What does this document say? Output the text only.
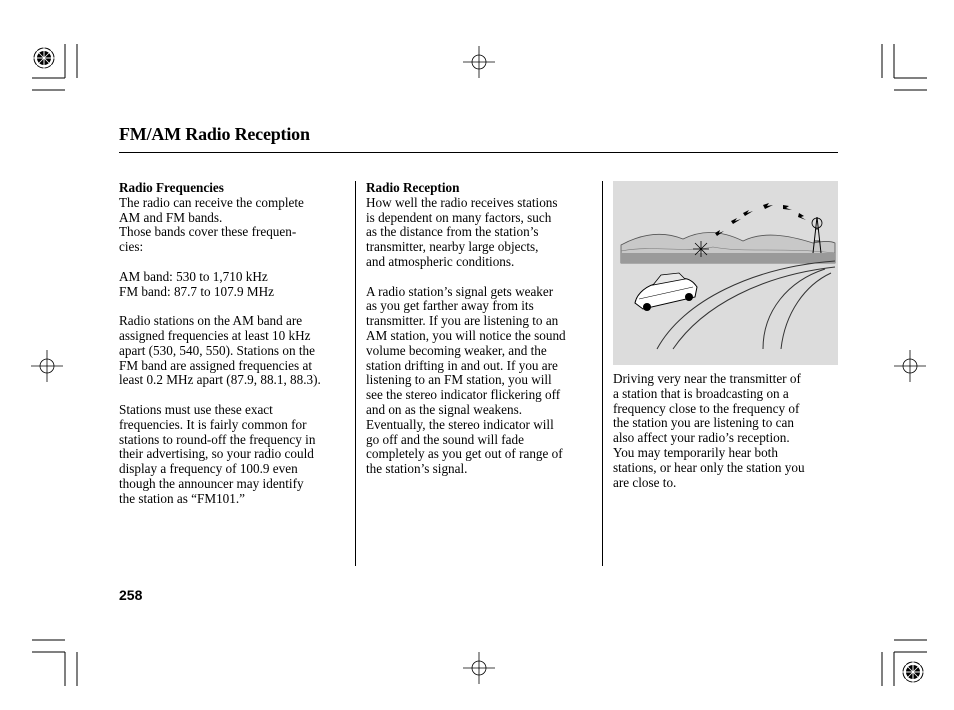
FM/AM Radio Reception
Radio Frequencies

The radio can receive the complete
AM and FM bands.
Those bands cover these frequen-
cies:

AM band: 530 to 1,710 kHz
FM band: 87.7 to 107.9 MHz

Radio stations on the AM band are
assigned frequencies at least 10 kHz
apart (530, 540, 550). Stations on the
FM band are assigned frequencies at
least 0.2 MHz apart (87.9, 88.1, 88.3).

Stations must use these exact
frequencies. It is fairly common for
stations to round-off the frequency in
their advertising, so your radio could
display a frequency of 100.9 even
though the announcer may identify
the station as “FM101.”

Radio Reception

How well the radio receives stations
is dependent on many factors, such
as the distance from the station’s
transmitter, nearby large objects,
and atmospheric conditions.

A radio station’s signal gets weaker
as you get farther away from its
transmitter. If you are listening to an
AM station, you will notice the sound
volume becoming weaker, and the
station drifting in and out. If you are
listening to an FM station, you will
see the stereo indicator flickering off
and on as the signal weakens.
Eventually, the stereo indicator will
go off and the sound will fade
completely as you get out of range of
the station’s signal.

Driving very near the transmitter of
a station that is broadcasting on a
frequency close to the frequency of
the station you are listening to can
also affect your radio’s reception.
You may temporarily hear both
stations, or hear only the station you
are close to.

258
